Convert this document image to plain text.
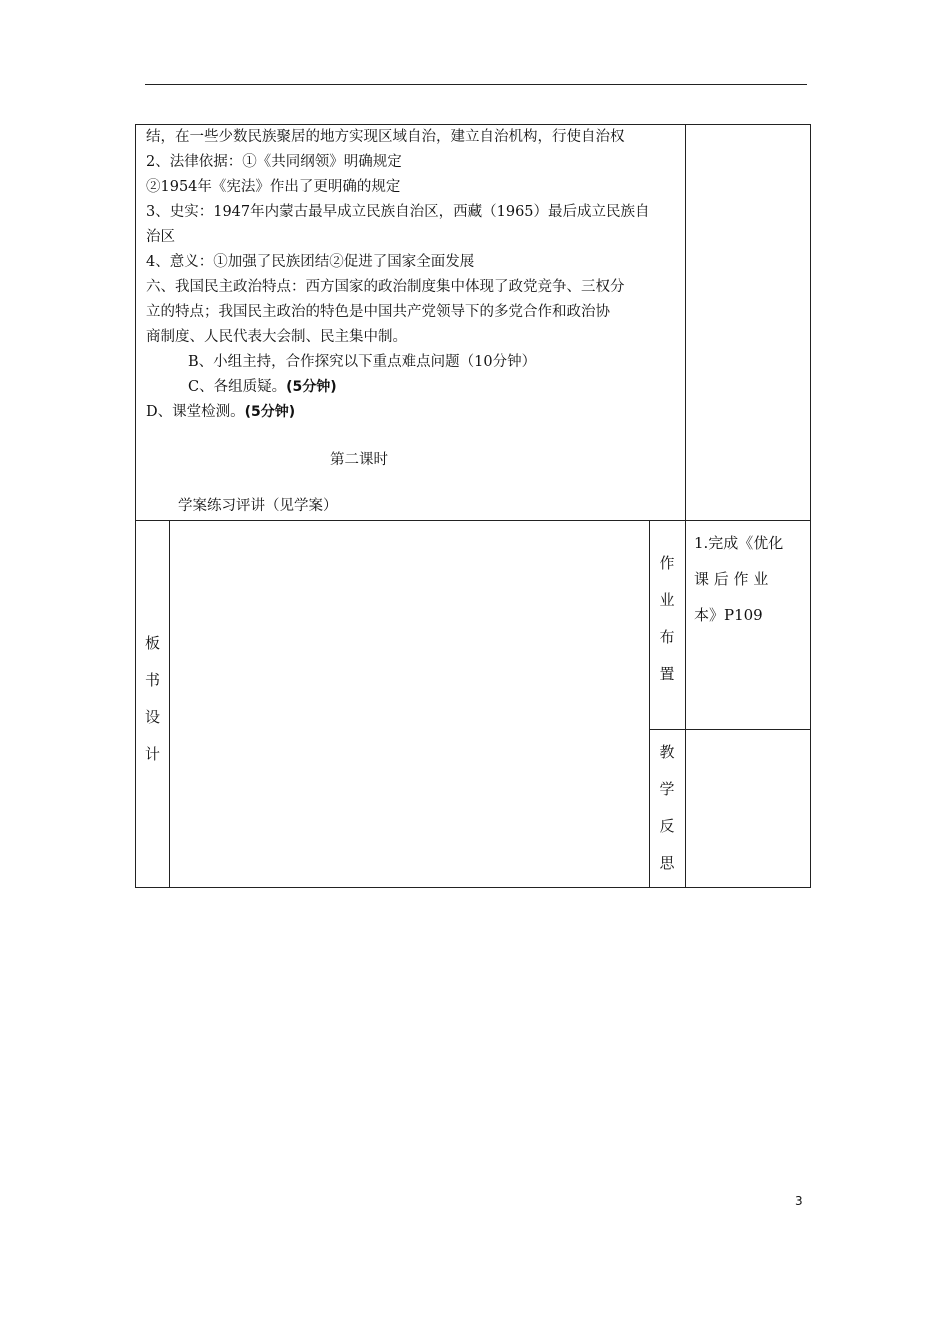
结，在一些少数民族聚居的地方实现区域自治，建立自治机构，行使自治权
2、法律依据：①《共同纲领》明确规定
②1954年《宪法》作出了更明确的规定
3、史实：1947年内蒙古最早成立民族自治区，西藏（1965）最后成立民族自
治区
4、意义：①加强了民族团结②促进了国家全面发展
六、我国民主政治特点：西方国家的政治制度集中体现了政党竞争、三权分
立的特点；我国民主政治的特色是中国共产党领导下的多党合作和政治协
商制度、人民代表大会制、民主集中制。
B、小组主持，合作探究以下重点难点问题（10分钟）
C、各组质疑。(5分钟)
D、课堂检测。(5分钟)
第二课时
学案练习评讲（见学案）
板
书
设
计
作
业
布
置
1.完成《优化
课 后 作 业
本》P109
教
学
反
思
3
